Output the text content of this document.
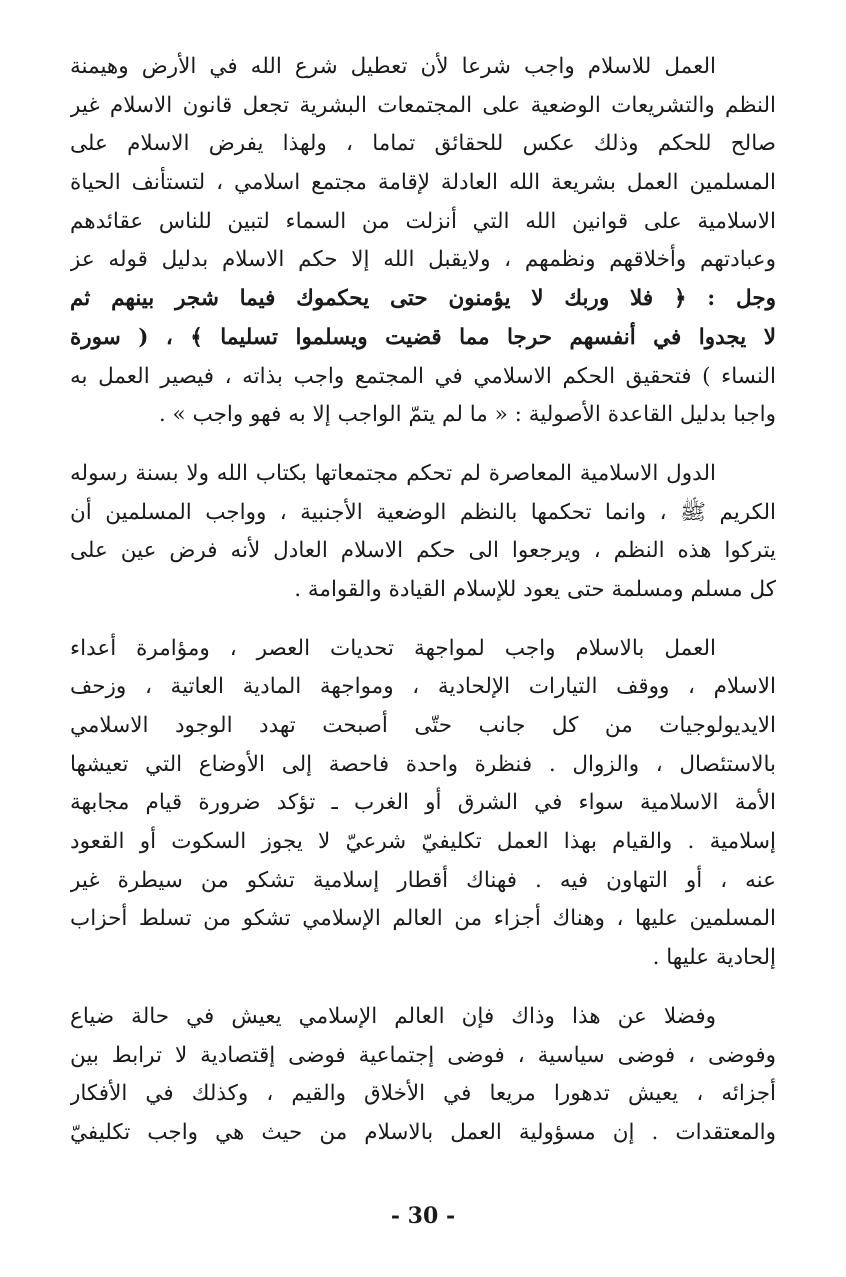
العمل للاسلام واجب شرعا لأن تعطيل شرع الله في الأرض وهيمنة
النظم والتشريعات الوضعية على المجتمعات البشرية تجعل قانون الاسلام غير
صالح للحكم وذلك عكس للحقائق تماما ، ولهذا يفرض الاسلام على
المسلمين العمل بشريعة الله العادلة لإقامة مجتمع اسلامي ، لتستأنف الحياة
الاسلامية على قوانين الله التي أنزلت من السماء لتبين للناس عقائدهم
وعبادتهم وأخلاقهم ونظمهم ، ولايقبل الله إلا حكم الاسلام بدليل قوله عز
وجل : ﴿ فلا وربك لا يؤمنون حتى يحكموك فيما شجر بينهم ثم
لا يجدوا في أنفسهم حرجا مما قضيت ويسلموا تسليما ﴾ ، ( سورة
النساء ) فتحقيق الحكم الاسلامي في المجتمع واجب بذاته ، فيصير العمل به
واجبا بدليل القاعدة الأصولية : « ما لم يتمّ الواجب إلا به فهو واجب » .
الدول الاسلامية المعاصرة لم تحكم مجتمعاتها بكتاب الله ولا بسنة رسوله
الكريم ﷺ ، وانما تحكمها بالنظم الوضعية الأجنبية ، وواجب المسلمين أن
يتركوا هذه النظم ، ويرجعوا الى حكم الاسلام العادل لأنه فرض عين على
كل مسلم ومسلمة حتى يعود للإسلام القيادة والقوامة .
العمل بالاسلام واجب لمواجهة تحديات العصر ، ومؤامرة أعداء
الاسلام ، ووقف التيارات الإلحادية ، ومواجهة المادية العاتية ، وزحف
الايديولوجيات من كل جانب حتّى أصبحت تهدد الوجود الاسلامي
بالاستئصال ، والزوال . فنظرة واحدة فاحصة إلى الأوضاع التي تعيشها
الأمة الاسلامية سواء في الشرق أو الغرب ـ تؤكد ضرورة قيام مجابهة
إسلامية . والقيام بهذا العمل تكليفيّ شرعيّ لا يجوز السكوت أو القعود
عنه ، أو التهاون فيه . فهناك أقطار إسلامية تشكو من سيطرة غير
المسلمين عليها ، وهناك أجزاء من العالم الإسلامي تشكو من تسلط أحزاب
إلحادية عليها .
وفضلا عن هذا وذاك فإن العالم الإسلامي يعيش في حالة ضياع
وفوضى ، فوضى سياسية ، فوضى إجتماعية فوضى إقتصادية لا ترابط بين
أجزائه ، يعيش تدهورا مريعا في الأخلاق والقيم ، وكذلك في الأفكار
والمعتقدات . إن مسؤولية العمل بالاسلام من حيث هي واجب تكليفيّ
- 30 -
